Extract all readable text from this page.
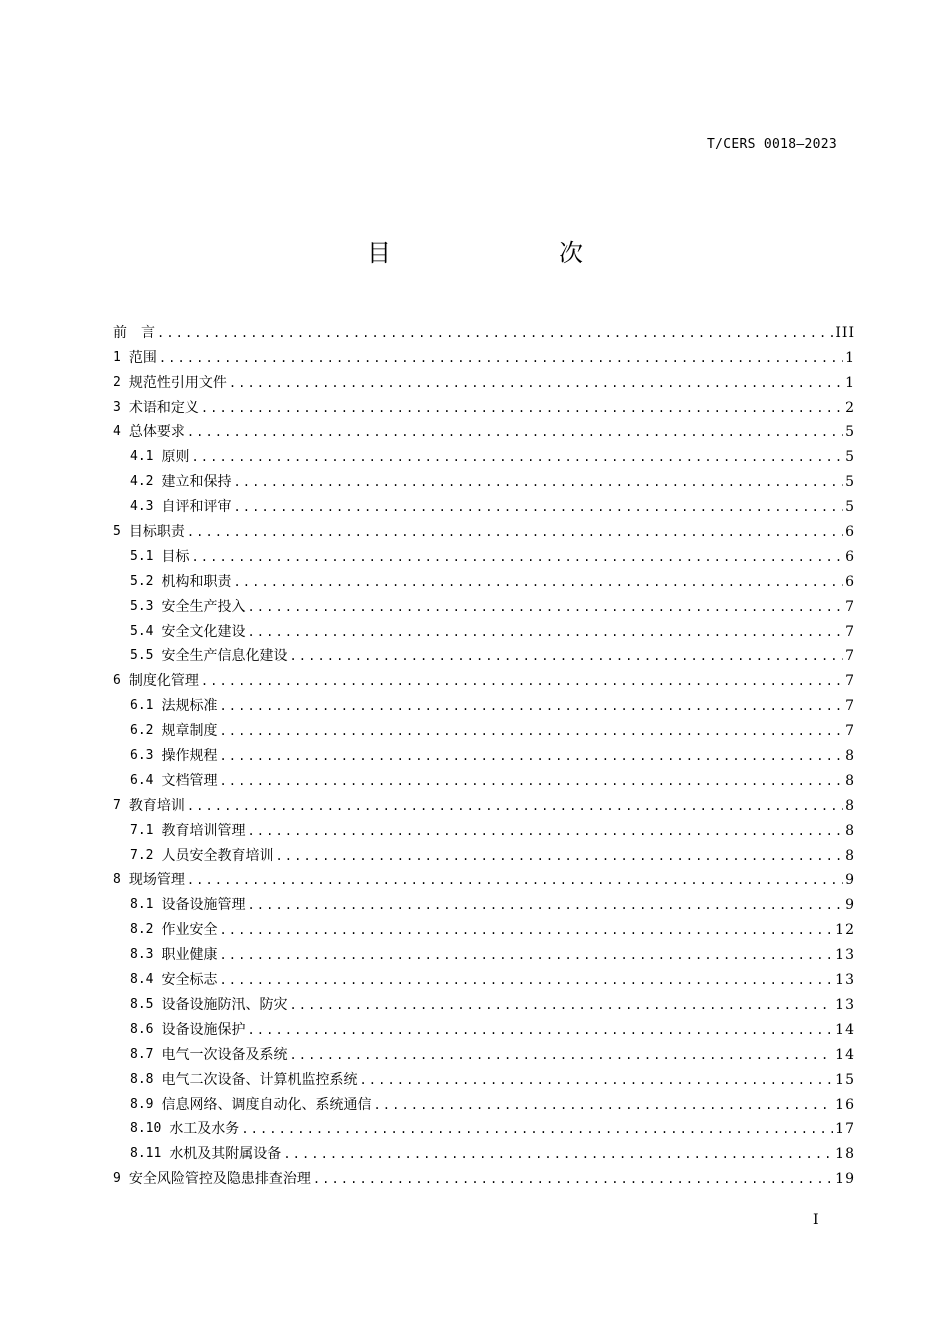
T/CERS 0018—2023
目　　次
前　言 .....	III
1 范围 .....	1
2 规范性引用文件 .....	1
3 术语和定义 .....	2
4 总体要求 .....	5
4.1 原则 .....	5
4.2 建立和保持 .....	5
4.3 自评和评审 .....	5
5 目标职责 .....	6
5.1 目标 .....	6
5.2 机构和职责 .....	6
5.3 安全生产投入 .....	7
5.4 安全文化建设 .....	7
5.5 安全生产信息化建设 .....	7
6 制度化管理 .....	7
6.1 法规标准 .....	7
6.2 规章制度 .....	7
6.3 操作规程 .....	8
6.4 文档管理 .....	8
7 教育培训 .....	8
7.1 教育培训管理 .....	8
7.2 人员安全教育培训 .....	8
8 现场管理 .....	9
8.1 设备设施管理 .....	9
8.2 作业安全 .....	12
8.3 职业健康 .....	13
8.4 安全标志 .....	13
8.5 设备设施防汛、防灾 .....	13
8.6 设备设施保护 .....	14
8.7 电气一次设备及系统 .....	14
8.8 电气二次设备、计算机监控系统 .....	15
8.9 信息网络、调度自动化、系统通信 .....	16
8.10 水工及水务 .....	17
8.11 水机及其附属设备 .....	18
9 安全风险管控及隐患排查治理 .....	19
I
